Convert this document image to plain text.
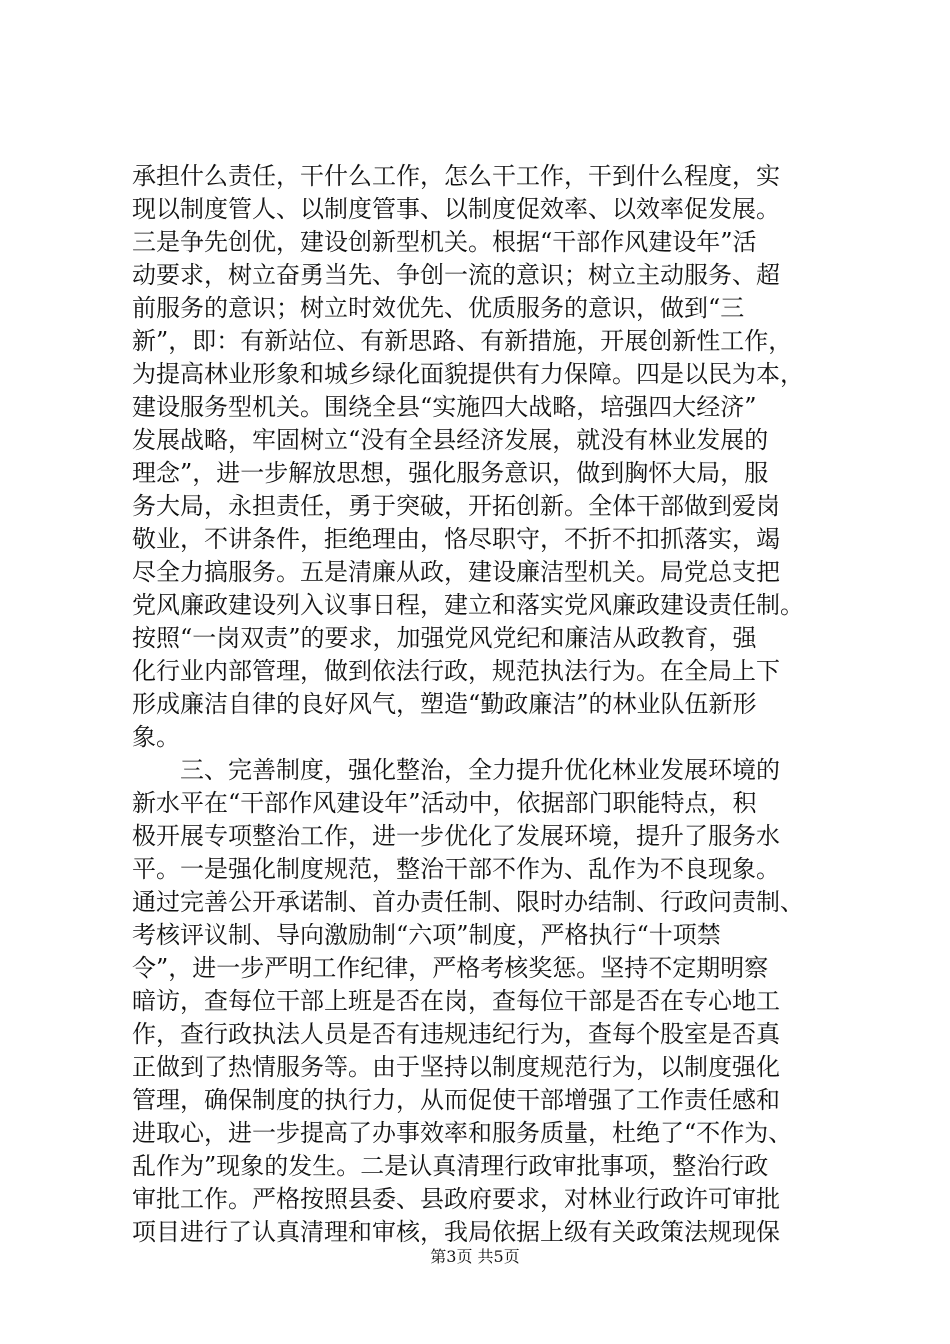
承担什么责任，干什么工作，怎么干工作，干到什么程度，实
现以制度管人、以制度管事、以制度促效率、以效率促发展。
三是争先创优，建设创新型机关。根据“干部作风建设年”活
动要求，树立奋勇当先、争创一流的意识；树立主动服务、超
前服务的意识；树立时效优先、优质服务的意识，做到“三
新”，即：有新站位、有新思路、有新措施，开展创新性工作，
为提高林业形象和城乡绿化面貌提供有力保障。四是以民为本，
建设服务型机关。围绕全县“实施四大战略，培强四大经济”
发展战略，牢固树立“没有全县经济发展，就没有林业发展的
理念”，进一步解放思想，强化服务意识，做到胸怀大局，服
务大局，永担责任，勇于突破，开拓创新。全体干部做到爱岗
敬业，不讲条件，拒绝理由，恪尽职守，不折不扣抓落实，竭
尽全力搞服务。五是清廉从政，建设廉洁型机关。局党总支把
党风廉政建设列入议事日程，建立和落实党风廉政建设责任制。
按照“一岗双责”的要求，加强党风党纪和廉洁从政教育，强
化行业内部管理，做到依法行政，规范执法行为。在全局上下
形成廉洁自律的良好风气，塑造“勤政廉洁”的林业队伍新形
象。
　　三、完善制度，强化整治，全力提升优化林业发展环境的
新水平在“干部作风建设年”活动中，依据部门职能特点，积
极开展专项整治工作，进一步优化了发展环境，提升了服务水
平。一是强化制度规范，整治干部不作为、乱作为不良现象。
通过完善公开承诺制、首办责任制、限时办结制、行政问责制、
考核评议制、导向激励制“六项”制度，严格执行“十项禁
令”，进一步严明工作纪律，严格考核奖惩。坚持不定期明察
暗访，查每位干部上班是否在岗，查每位干部是否在专心地工
作，查行政执法人员是否有违规违纪行为，查每个股室是否真
正做到了热情服务等。由于坚持以制度规范行为，以制度强化
管理，确保制度的执行力，从而促使干部增强了工作责任感和
进取心，进一步提高了办事效率和服务质量，杜绝了“不作为、
乱作为”现象的发生。二是认真清理行政审批事项，整治行政
审批工作。严格按照县委、县政府要求，对林业行政许可审批
项目进行了认真清理和审核，我局依据上级有关政策法规现保
第3页 共5页
